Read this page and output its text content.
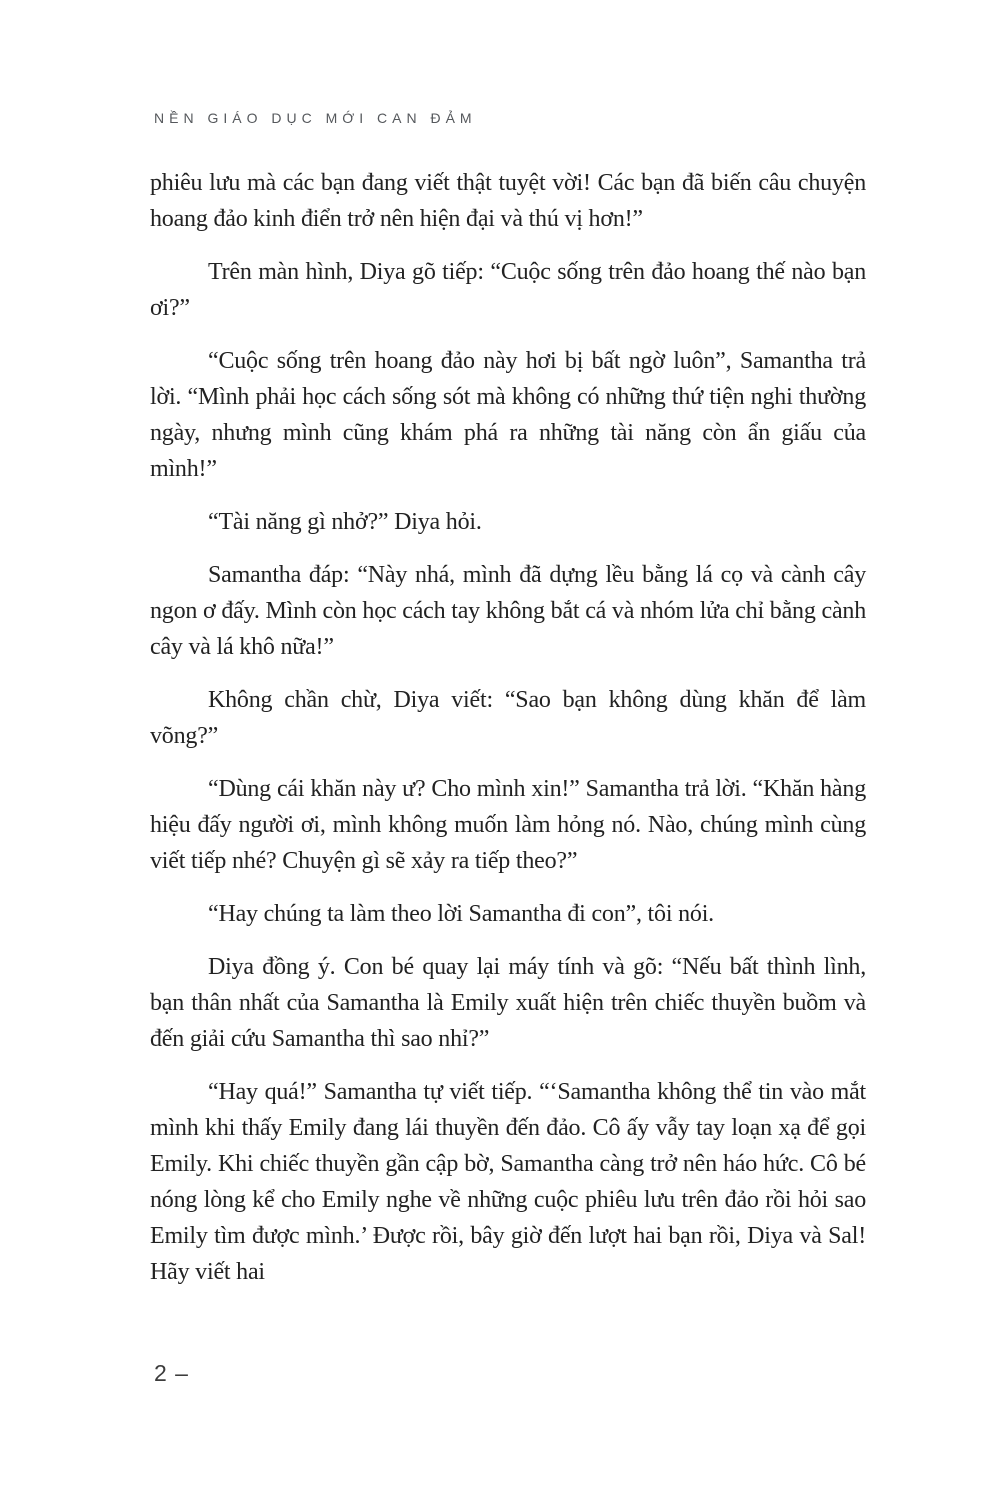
NỀN GIÁO DỤC MỚI CAN ĐẢM

phiêu lưu mà các bạn đang viết thật tuyệt vời! Các bạn đã biến câu chuyện hoang đảo kinh điển trở nên hiện đại và thú vị hơn!”

Trên màn hình, Diya gõ tiếp: “Cuộc sống trên đảo hoang thế nào bạn ơi?”

“Cuộc sống trên hoang đảo này hơi bị bất ngờ luôn”, Samantha trả lời. “Mình phải học cách sống sót mà không có những thứ tiện nghi thường ngày, nhưng mình cũng khám phá ra những tài năng còn ẩn giấu của mình!”

“Tài năng gì nhở?” Diya hỏi.

Samantha đáp: “Này nhá, mình đã dựng lều bằng lá cọ và cành cây ngon ơ đấy. Mình còn học cách tay không bắt cá và nhóm lửa chỉ bằng cành cây và lá khô nữa!”

Không chần chừ, Diya viết: “Sao bạn không dùng khăn để làm võng?”

“Dùng cái khăn này ư? Cho mình xin!” Samantha trả lời. “Khăn hàng hiệu đấy người ơi, mình không muốn làm hỏng nó. Nào, chúng mình cùng viết tiếp nhé? Chuyện gì sẽ xảy ra tiếp theo?”

“Hay chúng ta làm theo lời Samantha đi con”, tôi nói.

Diya đồng ý. Con bé quay lại máy tính và gõ: “Nếu bất thình lình, bạn thân nhất của Samantha là Emily xuất hiện trên chiếc thuyền buồm và đến giải cứu Samantha thì sao nhỉ?”

“Hay quá!” Samantha tự viết tiếp. “‘Samantha không thể tin vào mắt mình khi thấy Emily đang lái thuyền đến đảo. Cô ấy vẫy tay loạn xạ để gọi Emily. Khi chiếc thuyền gần cập bờ, Samantha càng trở nên háo hức. Cô bé nóng lòng kể cho Emily nghe về những cuộc phiêu lưu trên đảo rồi hỏi sao Emily tìm được mình.’ Được rồi, bây giờ đến lượt hai bạn rồi, Diya và Sal! Hãy viết hai

2 –
